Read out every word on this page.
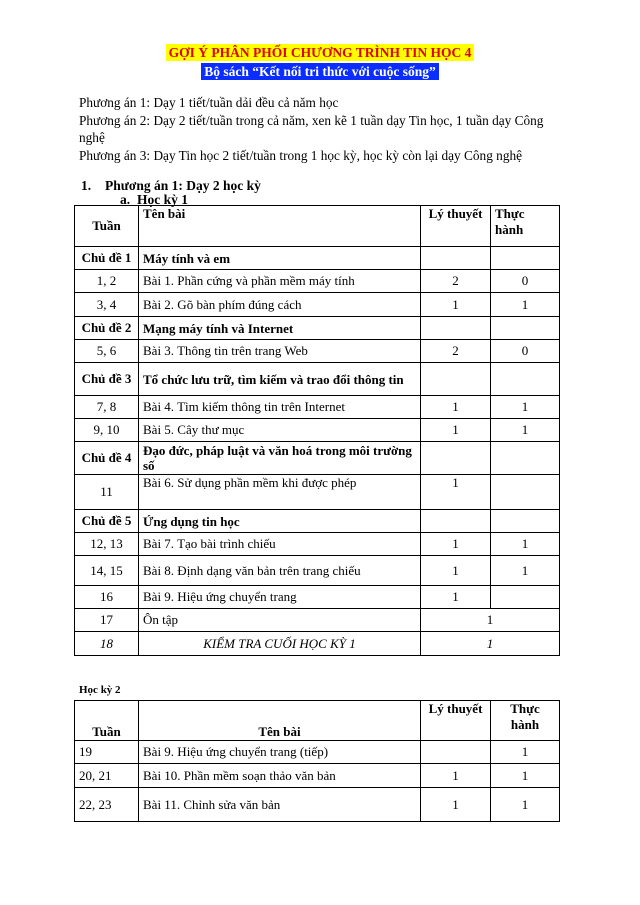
GỢI Ý PHÂN PHỐI CHƯƠNG TRÌNH TIN HỌC 4
Bộ sách “Kết nối tri thức với cuộc sống”

Phương án 1: Dạy 1 tiết/tuần dải đều cả năm học

Phương án 2: Dạy 2 tiết/tuần trong cả năm, xen kẽ 1 tuần dạy Tin học, 1 tuần dạy Công nghệ

Phương án 3: Dạy Tin học 2 tiết/tuần trong 1 học kỳ, học kỳ còn lại dạy Công nghệ

1. Phương án 1: Dạy 2 học kỳ
a. Học kỳ 1
Tuần	Tên bài	Lý thuyết	Thực hành
Chủ đề 1	Máy tính và em		
1, 2	Bài 1. Phần cứng và phần mềm máy tính	2	0
3, 4	Bài 2. Gõ bàn phím đúng cách	1	1
Chủ đề 2	Mạng máy tính và Internet		
5, 6	Bài 3. Thông tin trên trang Web	2	0
Chủ đề 3	Tổ chức lưu trữ, tìm kiếm và trao đổi thông tin		
7, 8	Bài 4. Tìm kiếm thông tin trên Internet	1	1
9, 10	Bài 5. Cây thư mục	1	1
Chủ đề 4	Đạo đức, pháp luật và văn hoá trong môi trường số		
11	Bài 6. Sử dụng phần mềm khi được phép	1	
Chủ đề 5	Ứng dụng tin học		
12, 13	Bài 7. Tạo bài trình chiếu	1	1
14, 15	Bài 8. Định dạng văn bản trên trang chiếu	1	1
16	Bài 9. Hiệu ứng chuyển trang	1	
17	Ôn tập	1	
18	KIỂM TRA CUỐI HỌC KỲ 1	1	
Học kỳ 2
Tuần	Tên bài	Lý thuyết	Thực hành
19	Bài 9. Hiệu ứng chuyển trang (tiếp)		1
20, 21	Bài 10. Phần mềm soạn thảo văn bản	1	1
22, 23	Bài 11. Chỉnh sửa văn bản	1	1
